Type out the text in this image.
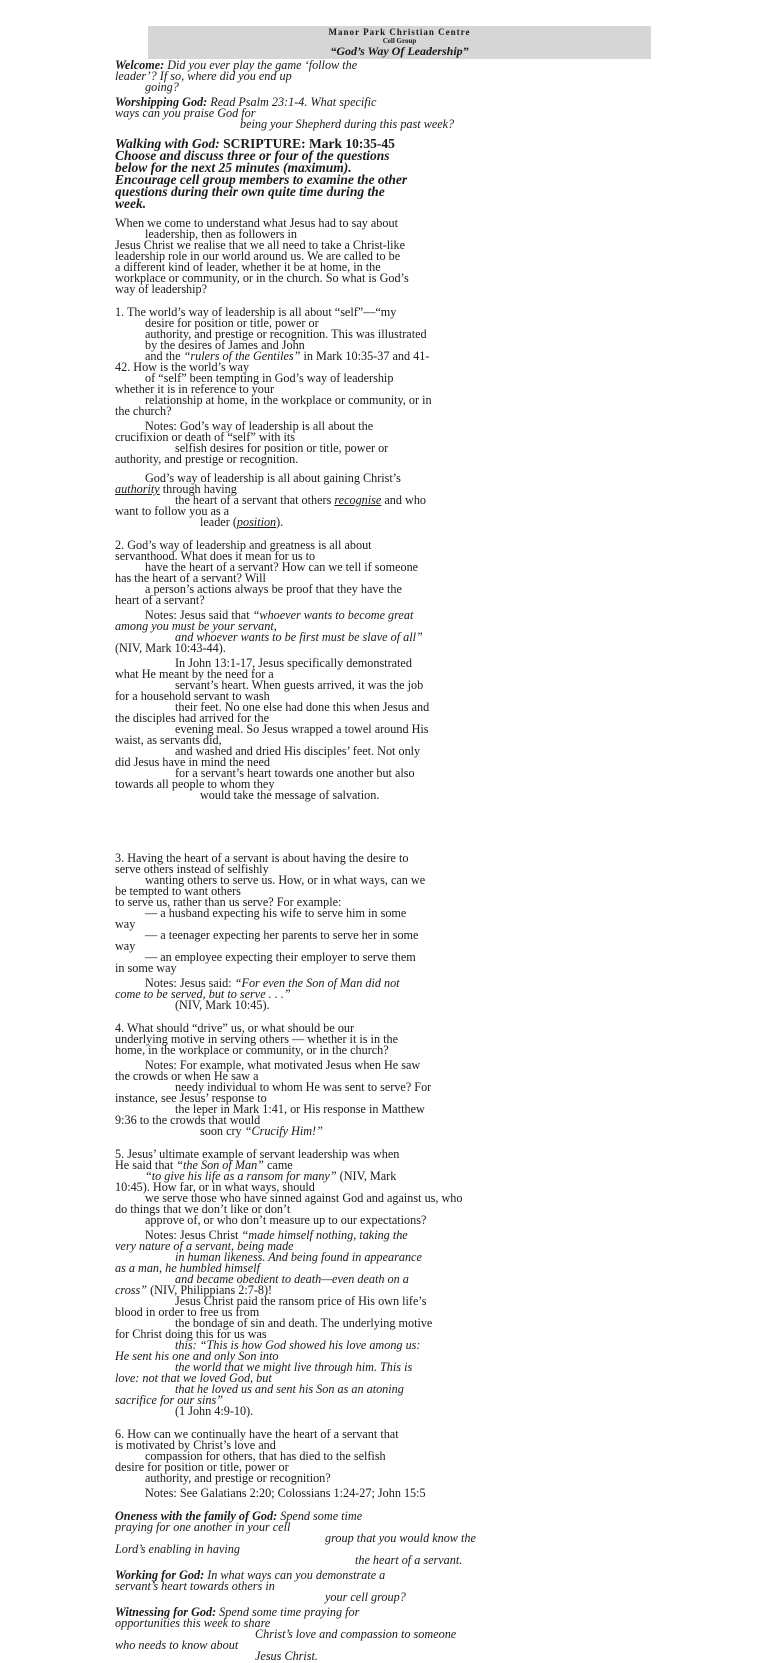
Manor Park Christian Centre
Cell Group
“God’s Way Of Leadership”

Welcome: Did you ever play the game ‘follow the

leader’? If so, where did you end up

going?

Worshipping God: Read Psalm 23:1-4. What specific

ways can you praise God for

being your Shepherd during this past week?

Walking with God: SCRIPTURE: Mark 10:35-45

Choose and discuss three or four of the questions

below for the next 25 minutes (maximum).

Encourage cell group members to examine the other

questions during their own quite time during the

week.

When we come to understand what Jesus had to say about

leadership, then as followers in

Jesus Christ we realise that we all need to take a Christ-like

leadership role in our world around us. We are called to be

a different kind of leader, whether it be at home, in the

workplace or community, or in the church. So what is God’s

way of leadership?

1. The world’s way of leadership is all about “self”—“my

desire for position or title, power or

authority, and prestige or recognition. This was illustrated

by the desires of James and John

and the “rulers of the Gentiles” in Mark 10:35-37 and 41-

42. How is the world’s way

of “self” been tempting in God’s way of leadership

whether it is in reference to your

relationship at home, in the workplace or community, or in

the church?

Notes: God’s way of leadership is all about the

crucifixion or death of “self” with its

selfish desires for position or title, power or

authority, and prestige or recognition.

God’s way of leadership is all about gaining Christ’s

authority through having

the heart of a servant that others recognise and who

want to follow you as a

leader (position).

2. God’s way of leadership and greatness is all about

servanthood. What does it mean for us to

have the heart of a servant? How can we tell if someone

has the heart of a servant? Will

a person’s actions always be proof that they have the

heart of a servant?

Notes: Jesus said that “whoever wants to become great

among you must be your servant,

and whoever wants to be first must be slave of all”

(NIV, Mark 10:43-44).

In John 13:1-17, Jesus specifically demonstrated

what He meant by the need for a

servant’s heart. When guests arrived, it was the job

for a household servant to wash

their feet. No one else had done this when Jesus and

the disciples had arrived for the

evening meal. So Jesus wrapped a towel around His

waist, as servants did,

and washed and dried His disciples’ feet. Not only

did Jesus have in mind the need

for a servant’s heart towards one another but also

towards all people to whom they

would take the message of salvation.

3. Having the heart of a servant is about having the desire to

serve others instead of selfishly

wanting others to serve us. How, or in what ways, can we

be tempted to want others

to serve us, rather than us serve? For example:

— a husband expecting his wife to serve him in some

way

— a teenager expecting her parents to serve her in some

way

— an employee expecting their employer to serve them

in some way

Notes: Jesus said: “For even the Son of Man did not

come to be served, but to serve . . .”

(NIV, Mark 10:45).

4. What should “drive” us, or what should be our

underlying motive in serving others — whether it is in the

home, in the workplace or community, or in the church?

Notes: For example, what motivated Jesus when He saw

the crowds or when He saw a

needy individual to whom He was sent to serve? For

instance, see Jesus’ response to

the leper in Mark 1:41, or His response in Matthew

9:36 to the crowds that would

soon cry “Crucify Him!”

5. Jesus’ ultimate example of servant leadership was when

He said that “the Son of Man” came

“to give his life as a ransom for many” (NIV, Mark

10:45). How far, or in what ways, should

we serve those who have sinned against God and against us, who

do things that we don’t like or don’t

approve of, or who don’t measure up to our expectations?

Notes: Jesus Christ “made himself nothing, taking the

very nature of a servant, being made

in human likeness. And being found in appearance

as a man, he humbled himself

and became obedient to death—even death on a

cross” (NIV, Philippians 2:7-8)!

Jesus Christ paid the ransom price of His own life’s

blood in order to free us from

the bondage of sin and death. The underlying motive

for Christ doing this for us was

this: “This is how God showed his love among us:

He sent his one and only Son into

the world that we might live through him. This is

love: not that we loved God, but

that he loved us and sent his Son as an atoning

sacrifice for our sins”

(1 John 4:9-10).

6. How can we continually have the heart of a servant that

is motivated by Christ’s love and

compassion for others, that has died to the selfish

desire for position or title, power or

authority, and prestige or recognition?

Notes: See Galatians 2:20; Colossians 1:24-27; John 15:5

Oneness with the family of God: Spend some time

praying for one another in your cell

group that you would know the

Lord’s enabling in having

the heart of a servant.

Working for God: In what ways can you demonstrate a

servant’s heart towards others in

your cell group?

Witnessing for God: Spend some time praying for

opportunities this week to share

Christ’s love and compassion to someone

who needs to know about

Jesus Christ.
